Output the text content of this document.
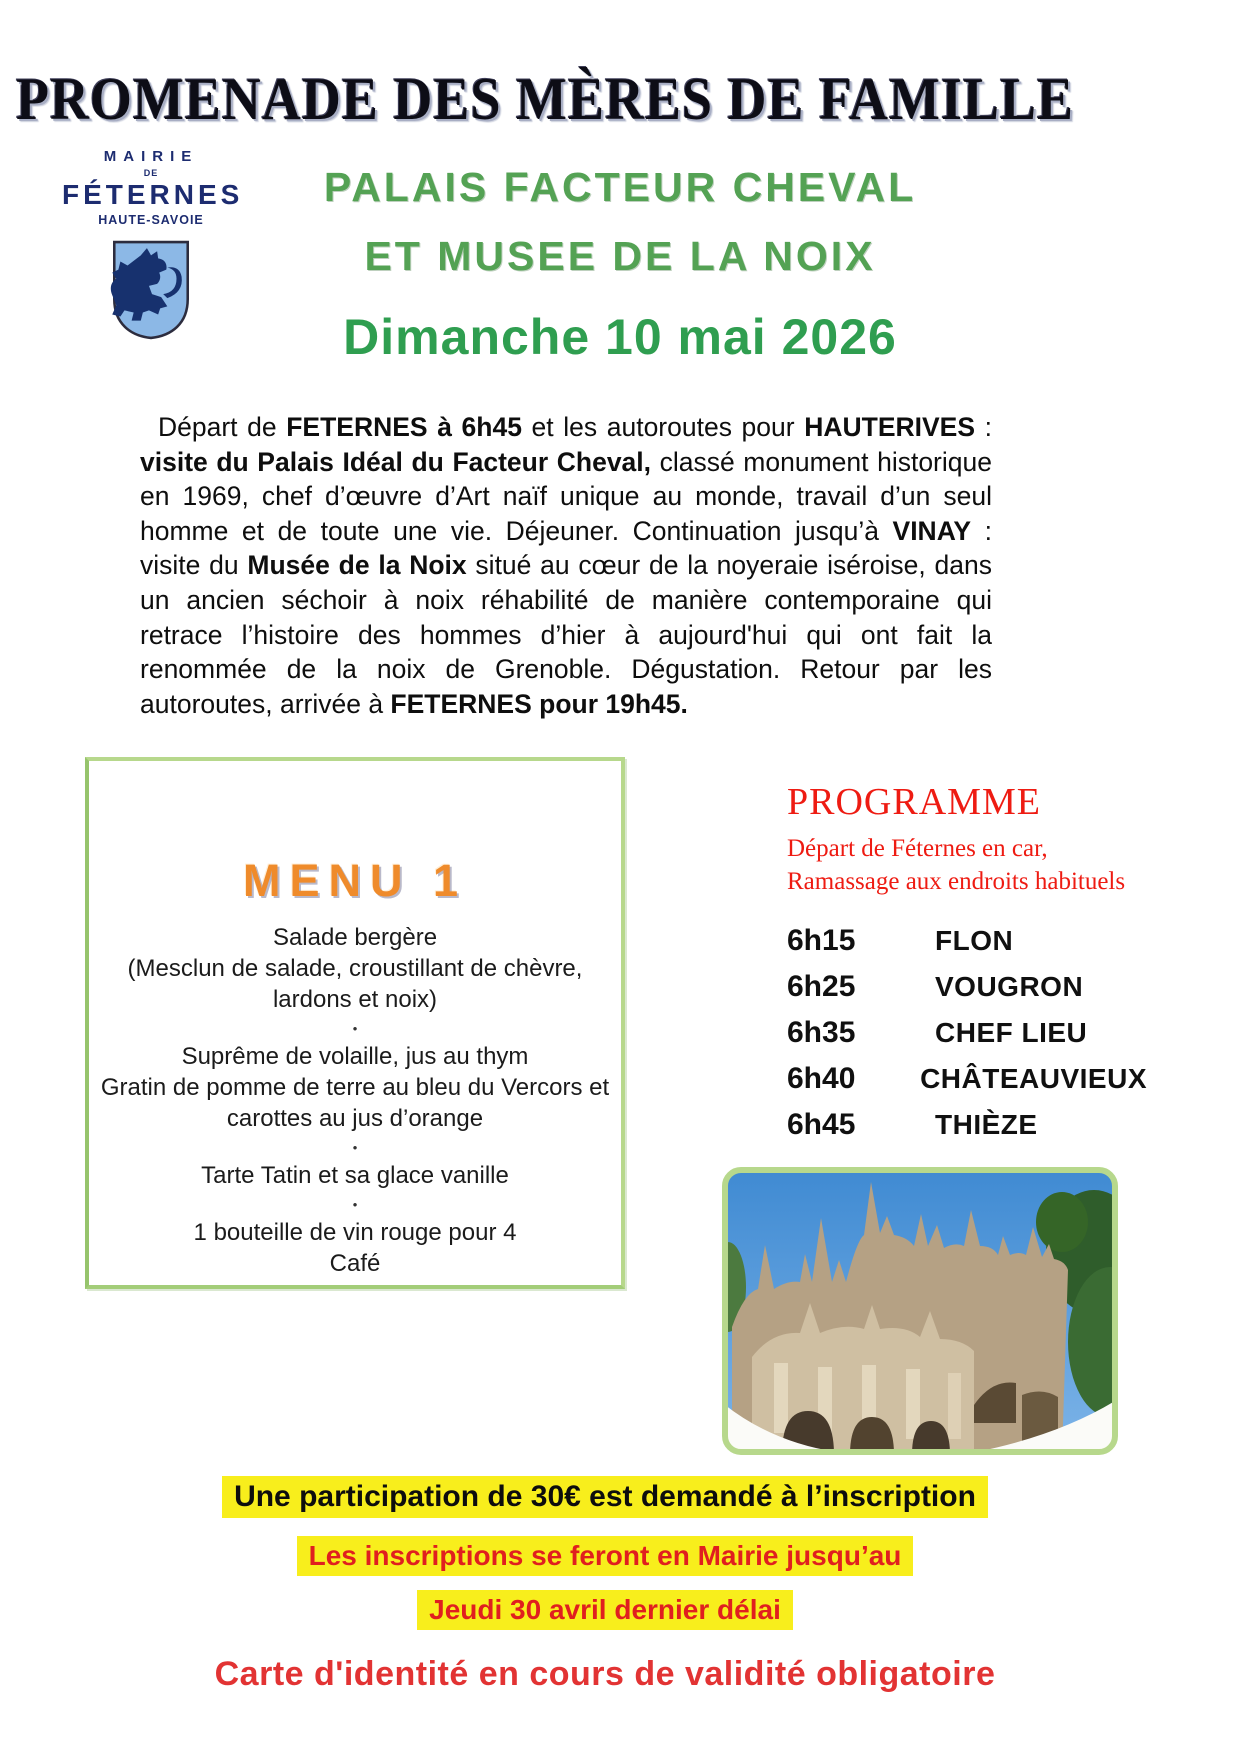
PROMENADE DES MÈRES DE FAMILLE
MAIRIE
DE
FÉTERNES
HAUTE-SAVOIE
PALAIS FACTEUR CHEVAL
ET MUSEE DE LA NOIX
Dimanche 10 mai 2026

Départ de FETERNES à 6h45 et les autoroutes pour HAUTERIVES : visite du Palais Idéal du Facteur Cheval, classé monument historique en 1969, chef d’œuvre d’Art naïf unique au monde, travail d’un seul homme et de toute une vie. Déjeuner. Continuation jusqu’à VINAY : visite du Musée de la Noix situé au cœur de la noyeraie iséroise, dans un ancien séchoir à noix réhabilité de manière contemporaine qui retrace l’histoire des hommes d’hier à aujourd'hui qui ont fait la renommée de la noix de Grenoble. Dégustation. Retour par les autoroutes, arrivée à FETERNES pour 19h45.

MENU 1
Salade bergère
(Mesclun de salade, croustillant de chèvre,
lardons et noix)
•
Suprême de volaille, jus au thym
Gratin de pomme de terre au bleu du Vercors et
carottes au jus d’orange
•
Tarte Tatin et sa glace vanille
•
1 bouteille de vin rouge pour 4
Café
PROGRAMME
Départ de Féternes en car,
Ramassage aux endroits habituels
6h15	FLON
6h25	VOUGRON
6h35	CHEF LIEU
6h40	CHÂTEAUVIEUX
6h45	THIÈZE
Une participation de 30€ est demandé à l’inscription
Les inscriptions se feront en Mairie jusqu’au
Jeudi 30 avril dernier délai
Carte d'identité en cours de validité obligatoire
